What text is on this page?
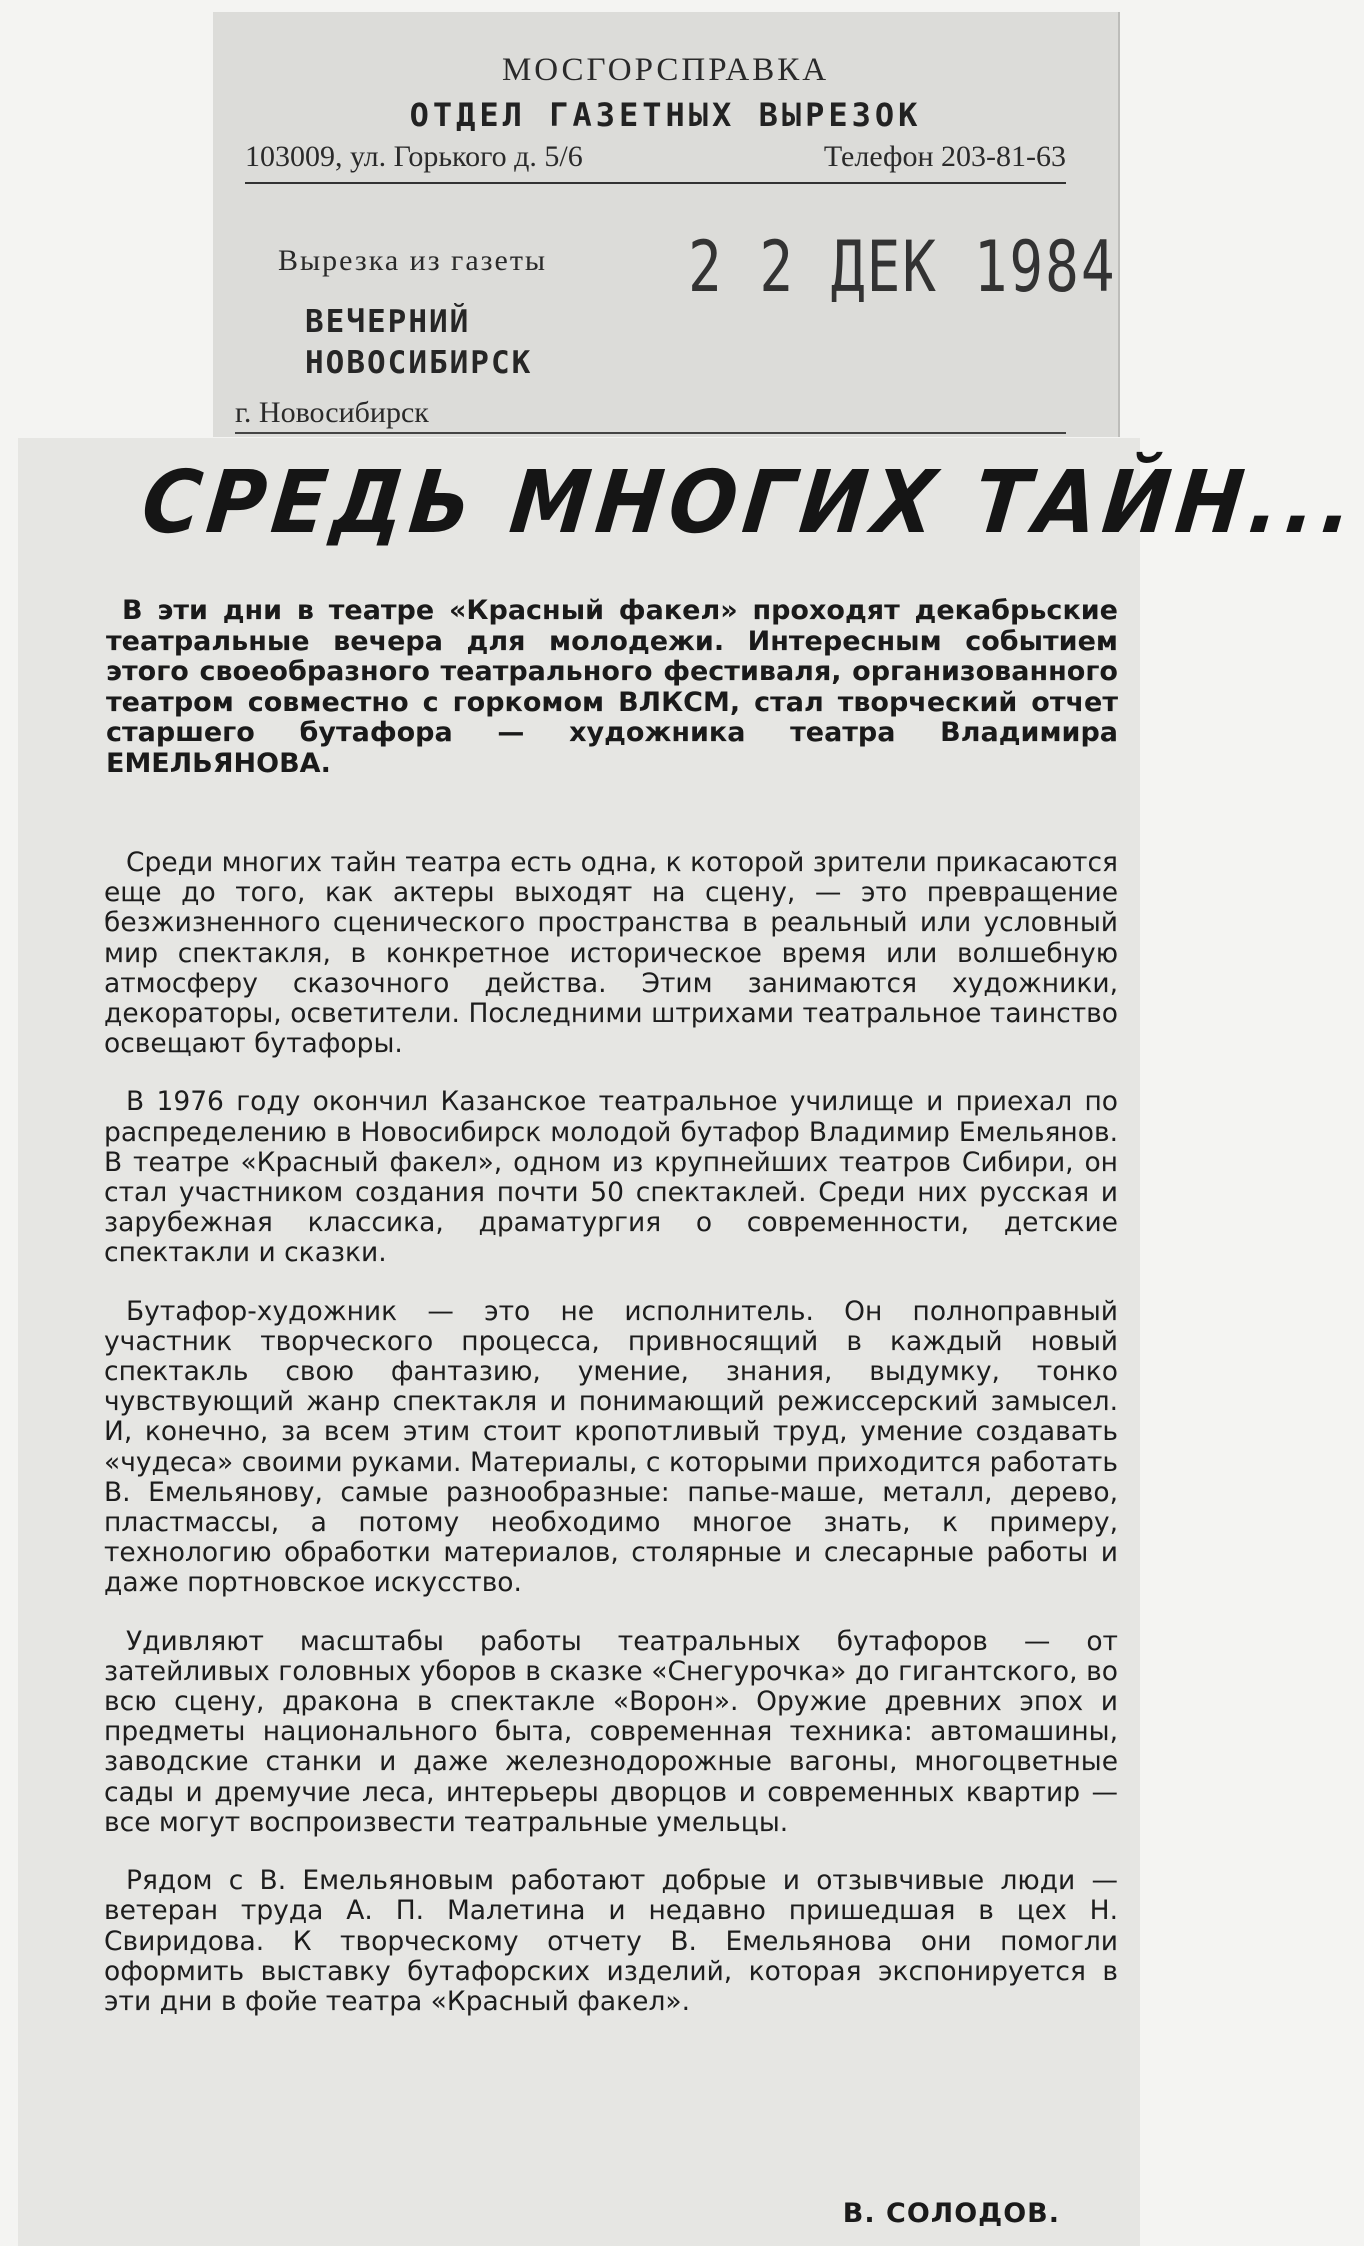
МОСГОРСПРАВКА
ОТДЕЛ ГАЗЕТНЫХ ВЫРЕЗОК
103009, ул. Горького д. 5/6	Телефон 203-81-63
Вырезка из газеты	2 2 ДЕК 1984
ВЕЧЕРНИЙ
НОВОСИБИРСК
г. Новосибирск
СРЕДЬ МНОГИХ ТАЙН...

В эти дни в театре «Красный факел» проходят декабрьские театральные вечера для молодежи. Интересным событием этого своеобразного театрального фестиваля, организованного театром совместно с горкомом ВЛКСМ, стал творческий отчет старшего бутафора — художника театра Владимира ЕМЕЛЬЯНОВА.

Среди многих тайн театра есть одна, к которой зрители прикасаются еще до того, как актеры выходят на сцену, — это превращение безжизненного сценического пространства в реальный или условный мир спектакля, в конкретное историческое время или волшебную атмосферу сказочного действа. Этим занимаются художники, декораторы, осветители. Последними штрихами театральное таинство освещают бутафоры.

В 1976 году окончил Казанское театральное училище и приехал по распределению в Новосибирск молодой бутафор Владимир Емельянов. В театре «Красный факел», одном из крупнейших театров Сибири, он стал участником создания почти 50 спектаклей. Среди них русская и зарубежная классика, драматургия о современности, детские спектакли и сказки.

Бутафор-художник — это не исполнитель. Он полноправный участник творческого процесса, привносящий в каждый новый спектакль свою фантазию, умение, знания, выдумку, тонко чувствующий жанр спектакля и понимающий режиссерский замысел. И, конечно, за всем этим стоит кропотливый труд, умение создавать «чудеса» своими руками. Материалы, с которыми приходится работать В. Емельянову, самые разнообразные: папье-маше, металл, дерево, пластмассы, а потому необходимо многое знать, к примеру, технологию обработки материалов, столярные и слесарные работы и даже портновское искусство.

Удивляют масштабы работы театральных бутафоров — от затейливых головных уборов в сказке «Снегурочка» до гигантского, во всю сцену, дракона в спектакле «Ворон». Оружие древних эпох и предметы национального быта, современная техника: автомашины, заводские станки и даже железнодорожные вагоны, многоцветные сады и дремучие леса, интерьеры дворцов и современных квартир — все могут воспроизвести театральные умельцы.

Рядом с В. Емельяновым работают добрые и отзывчивые люди — ветеран труда А. П. Малетина и недавно пришедшая в цех Н. Свиридова. К творческому отчету В. Емельянова они помогли оформить выставку бутафорских изделий, которая экспонируется в эти дни в фойе театра «Красный факел».

В. СОЛОДОВ.
